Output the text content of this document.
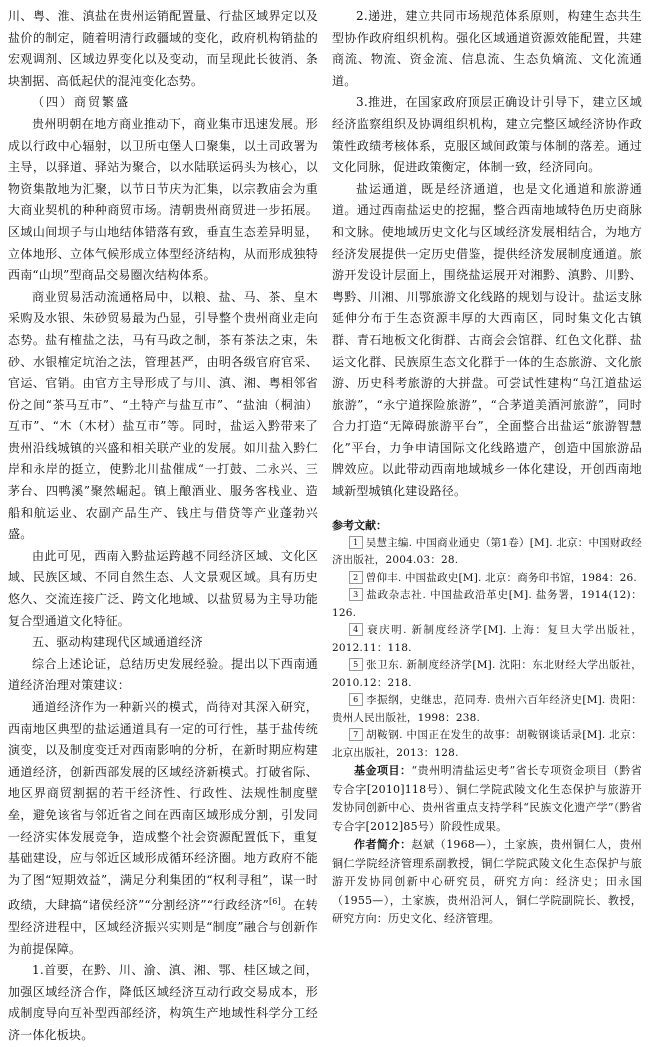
川、粤、淮、滇盐在贵州运销配置量、行盐区域界定以及盐价的制定，随着明清行政疆域的变化，政府机构销盐的宏观调剂、区域边界变化以及变动，而呈现此长彼消、条块割据、高低起伏的混沌变化态势。

（四）商贸繁盛

贵州明朝在地方商业推动下，商业集市迅速发展。形成以行政中心辐射，以卫所屯堡人口聚集，以土司政署为主导，以驿道、驿站为聚合，以水陆联运码头为核心，以物资集散地为汇聚，以节日节庆为汇集，以宗教庙会为重大商业契机的种种商贸市场。清朝贵州商贸进一步拓展。区域山间坝子与山地结体错落有致，垂直生态差异明显，立体地形、立体气候形成立体型经济结构，从而形成独特西南“山坝”型商品交易圈次结构体系。

商业贸易活动流通格局中，以粮、盐、马、茶、皇木采购及水银、朱砂贸易最为凸显，引导整个贵州商业走向态势。盐有榷盐之法，马有马政之制，茶有茶法之束，朱砂、水银榷定坑治之法，管理甚严，由明各级官府官采、官运、官销。由官方主导形成了与川、滇、湘、粤相邻省份之间“茶马互市”、“土特产与盐互市”、“盐油（桐油）互市”、“木（木材）盐互市”等。同时，盐运入黔带来了贵州沿线城镇的兴盛和相关联产业的发展。如川盐入黔仁岸和永岸的挺立，使黔北川盐催成“一打鼓、二永兴、三茅台、四鸭溪”聚然崛起。镇上酿酒业、服务客栈业、造船和航运业、农副产品生产、钱庄与借贷等产业蓬勃兴盛。

由此可见，西南入黔盐运跨越不同经济区域、文化区域、民族区域、不同自然生态、人文景观区域。具有历史悠久、交流连接广泛、跨文化地域、以盐贸易为主导功能复合型通道文化特征。

五、驱动构建现代区域通道经济

综合上述论证，总结历史发展经验。提出以下西南通道经济治理对策建议：

通道经济作为一种新兴的模式，尚待对其深入研究，西南地区典型的盐运通道具有一定的可行性，基于盐传统演变，以及制度变迁对西南影响的分析，在新时期应构建通道经济，创新西部发展的区域经济新模式。打破省际、地区界商贸割据的若干经济性、行政性、法规性制度壁垒，避免该省与邻近省之间在西南区域形成分割，引发同一经济实体发展竞争，造成整个社会资源配置低下，重复基础建设，应与邻近区域形成循环经济圈。地方政府不能为了图“短期效益”，满足分利集团的“权利寻租”，谋一时政绩，大肆搞“诸侯经济”“分割经济”“行政经济”[6]。在转型经济进程中，区域经济振兴实则是“制度”融合与创新作为前提保障。

1.首要，在黔、川、渝、滇、湘、鄂、桂区域之间，加强区域经济合作，降低区域经济互动行政交易成本，形成制度导向互补型西部经济，构筑生产地域性科学分工经济一体化板块。

2.递进，建立共同市场规范体系原则，构建生态共生型协作政府组织机构。强化区域通道资源效能配置，共建商流、物流、资金流、信息流、生态负熵流、文化流通道。

3.推进，在国家政府顶层正确设计引导下，建立区域经济监察组织及协调组织机构，建立完整区域经济协作政策性政绩考核体系，克服区域间政策与体制的落差。通过文化同脉，促进政策衡定，体制一致，经济同向。

盐运通道，既是经济通道，也是文化通道和旅游通道。通过西南盐运史的挖掘，整合西南地域特色历史商脉和文脉。使地域历史文化与区域经济发展相结合，为地方经济发展提供一定历史借鉴，提供经济发展制度通道。旅游开发设计层面上，围绕盐运展开对湘黔、滇黔、川黔、粤黔、川湘、川鄂旅游文化线路的规划与设计。盐运支脉延伸分布于生态资源丰厚的大西南区，同时集文化古镇群、青石地板文化街群、古商会会馆群、红色文化群、盐运文化群、民族原生态文化群于一体的生态旅游、文化旅游、历史科考旅游的大拼盘。可尝试性建构“乌江道盐运旅游”，“永宁道探险旅游”，“合茅道美酒河旅游”，同时合力打造“无障碍旅游平台”，全面整合出盐运“旅游智慧化”平台，力争申请国际文化线路遗产，创造中国旅游品牌效应。以此带动西南地域城乡一体化建设，开创西南地域新型城镇化建设路径。

参考文献：

1 吴慧主编. 中国商业通史（第1卷）[M]. 北京：中国财政经济出版社，2004.03：28.

2 曾仰丰. 中国盐政史[M]. 北京：商务印书馆，1984：26.

3 盐政杂志社. 中国盐政沿革史[M]. 盐务署，1914(12)：126.

4 衰庆明. 新制度经济学[M]. 上海：复旦大学出版社，2012.11：118.

5 张卫东. 新制度经济学[M]. 沈阳：东北财经大学出版社，2010.12：218.

6 李振纲，史继忠，范同寿. 贵州六百年经济史[M]. 贵阳：贵州人民出版社，1998：238.

7 胡鞍钢. 中国正在发生的故事：胡鞍钢谈话录[M]. 北京：北京出版社，2013：128.

基金项目：“贵州明清盐运史考”省长专项资金项目（黔省专合字[2010]118号）、铜仁学院武陵文化生态保护与旅游开发协同创新中心、贵州省重点支持学科“民族文化遗产学”（黔省专合字[2012]85号）阶段性成果。

作者简介：赵斌（1968—），土家族，贵州铜仁人，贵州铜仁学院经济管理系副教授，铜仁学院武陵文化生态保护与旅游开发协同创新中心研究员，研究方向：经济史；田永国（1955—），土家族，贵州沿河人，铜仁学院副院长、教授，研究方向：历史文化、经济管理。
